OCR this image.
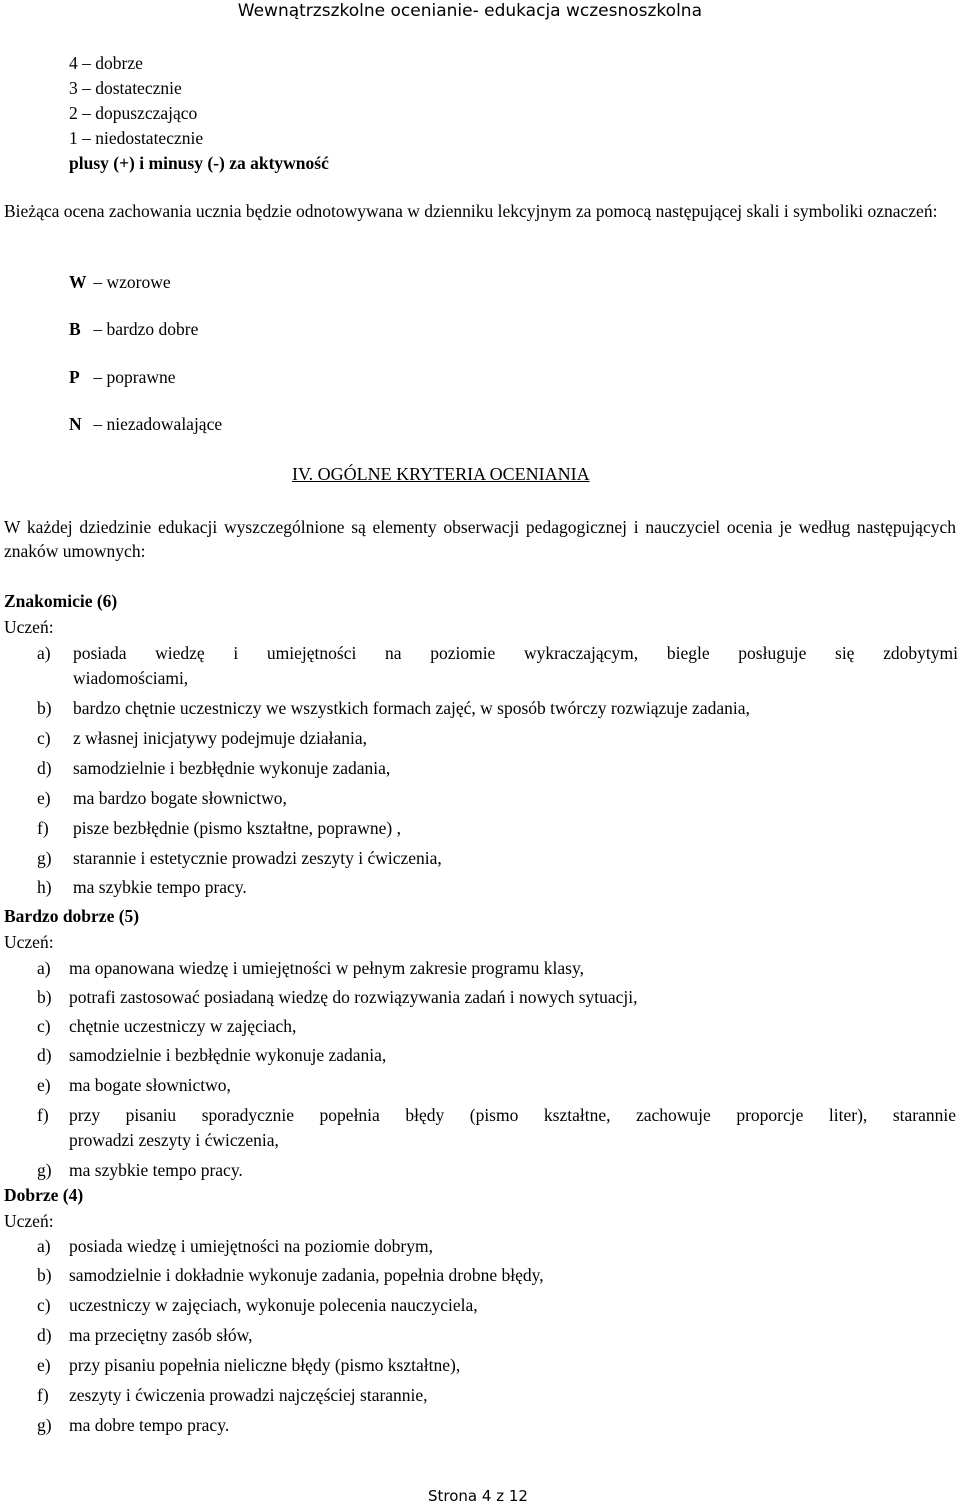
Wewnątrzszkolne ocenianie- edukacja wczesnoszkolna
4 – dobrze
3 – dostatecznie
2 – dopuszczająco
1 – niedostatecznie
plusy (+) i minusy (-) za aktywność
Bieżąca ocena zachowania ucznia będzie odnotowywana w dzienniku lekcyjnym za pomocą następującej skali i symboliki oznaczeń:
W – wzorowe
B – bardzo dobre
P – poprawne
N – niezadowalające
IV. OGÓLNE KRYTERIA OCENIANIA
W każdej dziedzinie edukacji wyszczególnione są elementy obserwacji pedagogicznej i nauczyciel ocenia je według następujących znaków umownych:
Znakomicie (6)
Uczeń:
a) posiada wiedzę i umiejętności na poziomie wykraczającym, biegle posługuje się zdobytymi
wiadomościami,
b) bardzo chętnie uczestniczy we wszystkich formach zajęć, w sposób twórczy rozwiązuje zadania,
c) z własnej inicjatywy podejmuje działania,
d) samodzielnie i bezbłędnie wykonuje zadania,
e) ma bardzo bogate słownictwo,
f) pisze bezbłędnie (pismo kształtne, poprawne) ,
g) starannie i estetycznie prowadzi zeszyty i ćwiczenia,
h) ma szybkie tempo pracy.
Bardzo dobrze (5)
Uczeń:
a) ma opanowana wiedzę i umiejętności w pełnym zakresie programu klasy,
b) potrafi zastosować posiadaną wiedzę do rozwiązywania zadań i nowych sytuacji,
c) chętnie uczestniczy w zajęciach,
d) samodzielnie i bezbłędnie wykonuje zadania,
e) ma bogate słownictwo,
f) przy pisaniu sporadycznie popełnia błędy (pismo kształtne, zachowuje proporcje liter), starannie
prowadzi zeszyty i ćwiczenia,
g) ma szybkie tempo pracy.
Dobrze (4)
Uczeń:
a) posiada wiedzę i umiejętności na poziomie dobrym,
b) samodzielnie i dokładnie wykonuje zadania, popełnia drobne błędy,
c) uczestniczy w zajęciach, wykonuje polecenia nauczyciela,
d) ma przeciętny zasób słów,
e) przy pisaniu popełnia nieliczne błędy (pismo kształtne),
f) zeszyty i ćwiczenia prowadzi najczęściej starannie,
g) ma dobre tempo pracy.
Strona 4 z 12
